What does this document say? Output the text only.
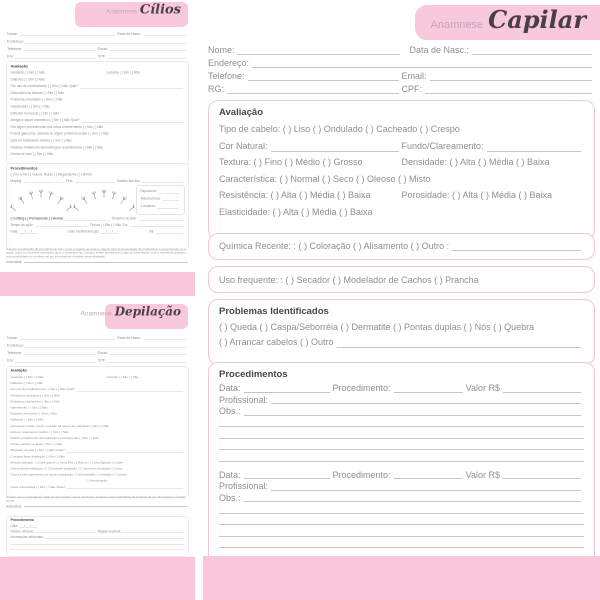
Anamnese Capilar
Nome:	Data de Nasc.:
Endereço:
Telefone:	Email:
RG:	CPF:
Avaliação
Tipo de cabelo: ( ) Liso ( ) Ondulado ( ) Cacheado ( ) Crespo
Cor Natural:	Fundo/Clareamento:
Textura: ( ) Fino ( ) Médio ( ) Grosso	Densidade: ( ) Alta ( ) Média ( ) Baixa
Característica: ( ) Normal ( ) Seco ( ) Oleoso ( ) Misto
Resistência: ( ) Alta ( ) Média ( ) Baixa	Porosidade: ( ) Alta ( ) Média ( ) Baixa
Elasticidade: ( ) Alta ( ) Média ( ) Baixa
Química Recente: : ( ) Coloração ( ) Alisamento ( ) Outro :
Uso frequente: : ( ) Secador ( ) Modelador de Cachos ( ) Prancha
Problemas Identificados
( ) Queda ( ) Caspa/Seborréia ( ) Dermatite ( ) Pontas duplas ( ) Nós ( ) Quebra
( ) Arrancar cabelos ( ) Outro
Procedimentos
Data:	Procedimento:	Valor R$
Profissional:
Obs.:
Data:	Procedimento:	Valor R$
Profissional:
Obs.:
Anamnese Cílios
Nome:	Data de Nasc.:
Endereço:
Telefone:	Email:
RG:	CPF:
Avaliação
Gestante ( ) Sim ( ) Não	Lactante ( ) Sim ( ) Não
Diabetes ( ) Sim ( ) Não
Faz uso de medicamento ( ) Sim ( ) Não Qual?
Disfunções da tireoide ( ) Sim ( ) Não
Problema circulatório ( ) Sim ( ) Não
Hipertensão ( ) Sim ( ) Não
Distúrbio hormonal ( ) Sim ( ) Não
Alergia a algum cosmético ( ) Sim ( ) Não Qual?
Fez algum procedimento nos olhos recentemente ( ) Sim ( ) Não
Possui glaucoma, catarata ou algum problema ocular ( ) Sim ( ) Não
Está em tratamento médico ( ) Sim ( ) Não
Realizou tratamento dermatológico recentemente ( ) Sim ( ) Não
Dorme de lado ( ) Sim ( ) Não
Procedimentos
( ) Fio a Fio ( ) Volume Russo ( ) Megavolume ( ) Híbrido
Maping:	Pelo:	Modelo dos fios:
Espessura:
Adesivo/Cola:
Curvatura:
( ) Lifting ( ) Permanente ( ) Henna:	Tamanho do Bob:
Tempo de ação:	Tintura ( ) Sim ( ) Não Cor:
Data: ___/___/___	Data da Manutenção: ___/___/___	R$
Autorizo a realização do procedimento bem como o registro de antes e depois para documentação do profissional, e comprometo-me a seguir todos os cuidados orientados após o procedimento. Declaro serem verdadeiras todas as informações acima, isentando qualquer responsabilidade do profissional por informações omitidas nesta avaliação.
Assinatura:
Anamnese Depilação
Nome:	Data de Nasc.:
Endereço:
Telefone:	Email:
RG:	CPF:
Avaliação
Gestante ( ) Sim ( ) Não	Lactante ( ) Sim ( ) Não
Diabetes ( ) Sim ( ) Não
Faz uso de medicamento ( ) Sim ( ) Não Qual?
Alterações cardíacas ( ) Sim ( ) Não
Problema circulatório ( ) Sim ( ) Não
Hipertensão ( ) Sim ( ) Não
Distúrbio hormonal ( ) Sim ( ) Não
Epilepsia ( ) Sim ( ) Não
Apresenta nódulo, tumor ou lesão na área a ser depilada ( ) Sim ( ) Não
Está em tratamento médico ( ) Sim ( ) Não
Realizou tratamento dermatológico recentemente ( ) Sim ( ) Não
Possui varizes na área ( ) Sim ( ) Não
Manchas na pele ( ) Sim ( ) Não Onde?
Costuma fazer depilação ( ) Sim ( ) Não
Método utilizado: ( ) Cera quente ( ) Cera Fria ( ) Roll-on ( ) Linha Egípcia ( ) Laser
Antecedentes alérgicos: ( ) Creme pré depilação ( ) Creme pós depilação ( ) Cera
Como a pele apresentou-se após a depilação: ( ) Vermelhidão ( ) Irritação ( ) Coceira
( ) Descamação
Pelos encravados ( ) Sim ( ) Não Onde?
Declaro serem verdadeiras todas as informações acima, isentando qualquer responsabilidade do profissional por informações omitidas acima.
Assinatura:
Procedimento
Data: ___/___/___
Método utilizado:	Região depilada:
Informações adicionais:
